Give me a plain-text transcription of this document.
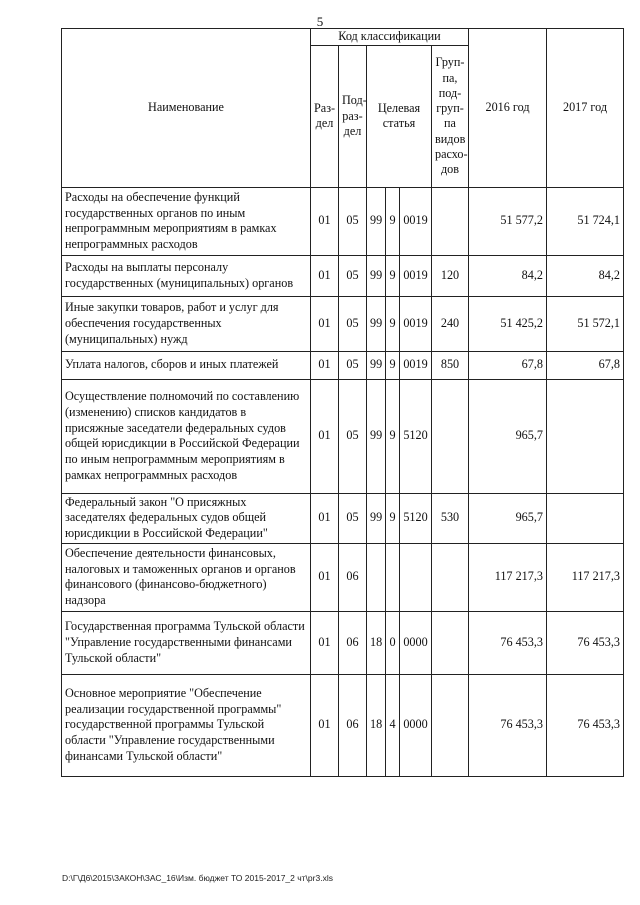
5
Наименование	Код классификации						2016 год	2017 год
	Раз-дел	Под-раз-дел	Целевая статья			Груп-па, под-груп-па видов расхо-дов		
Расходы на обеспечение функций государственных органов по иным непрограммным мероприятиям в рамках непрограммных расходов	01	05	99	9	0019		51 577,2	51 724,1
Расходы на выплаты персоналу государственных (муниципальных) органов	01	05	99	9	0019	120	84,2	84,2
Иные закупки товаров, работ и услуг для обеспечения государственных (муниципальных) нужд	01	05	99	9	0019	240	51 425,2	51 572,1
Уплата налогов, сборов и иных платежей	01	05	99	9	0019	850	67,8	67,8
Осуществление полномочий по составлению (изменению) списков кандидатов в присяжные заседатели федеральных судов общей юрисдикции в Российской Федерации по иным непрограммным мероприятиям в рамках непрограммных расходов	01	05	99	9	5120		965,7	
Федеральный закон "О присяжных заседателях федеральных судов общей юрисдикции в Российской Федерации"	01	05	99	9	5120	530	965,7	
Обеспечение деятельности финансовых, налоговых и таможенных органов и органов финансового (финансово-бюджетного) надзора	01	06					117 217,3	117 217,3
Государственная программа Тульской области "Управление государственными финансами Тульской области"	01	06	18	0	0000		76 453,3	76 453,3
Основное мероприятие "Обеспечение реализации государственной программы" государственной программы Тульской области "Управление государственными финансами Тульской области"	01	06	18	4	0000		76 453,3	76 453,3
D:\Г\Д6\2015\ЗАКОН\ЗАС_16\Изм. бюджет ТО 2015-2017_2 чт\pr3.xls
